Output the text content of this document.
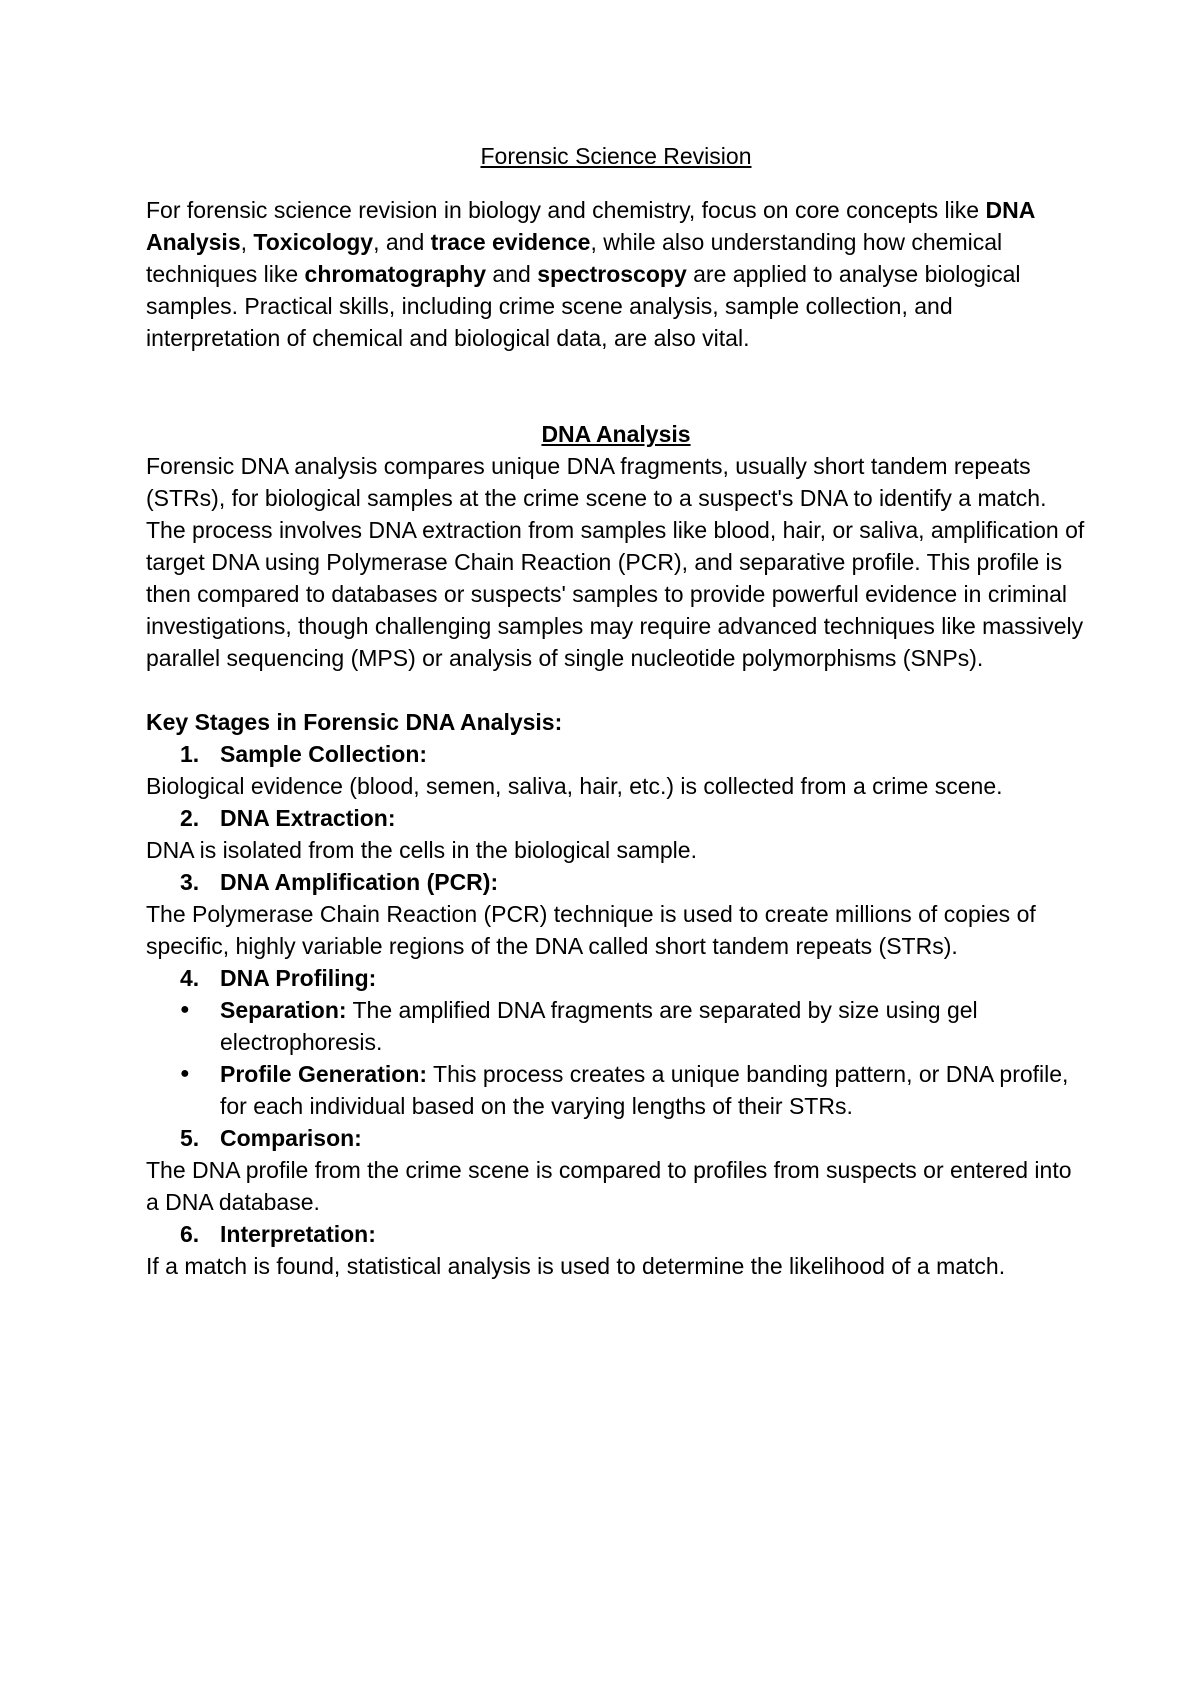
Forensic Science Revision

For forensic science revision in biology and chemistry, focus on core concepts like DNA Analysis, Toxicology, and trace evidence, while also understanding how chemical techniques like chromatography and spectroscopy are applied to analyse biological samples. Practical skills, including crime scene analysis, sample collection, and interpretation of chemical and biological data, are also vital.

DNA Analysis

Forensic DNA analysis compares unique DNA fragments, usually short tandem repeats (STRs), for biological samples at the crime scene to a suspect's DNA to identify a match. The process involves DNA extraction from samples like blood, hair, or saliva, amplification of target DNA using Polymerase Chain Reaction (PCR), and separative profile. This profile is then compared to databases or suspects' samples to provide powerful evidence in criminal investigations, though challenging samples may require advanced techniques like massively parallel sequencing (MPS) or analysis of single nucleotide polymorphisms (SNPs).

Key Stages in Forensic DNA Analysis:

1. Sample Collection:

Biological evidence (blood, semen, saliva, hair, etc.) is collected from a crime scene.

2. DNA Extraction:

DNA is isolated from the cells in the biological sample.

3. DNA Amplification (PCR):

The Polymerase Chain Reaction (PCR) technique is used to create millions of copies of specific, highly variable regions of the DNA called short tandem repeats (STRs).

4. DNA Profiling:
●	Separation: The amplified DNA fragments are separated by size using gel electrophoresis.
●	Profile Generation: This process creates a unique banding pattern, or DNA profile, for each individual based on the varying lengths of their STRs.
5. Comparison:

The DNA profile from the crime scene is compared to profiles from suspects or entered into a DNA database.

6. Interpretation:

If a match is found, statistical analysis is used to determine the likelihood of a match.
